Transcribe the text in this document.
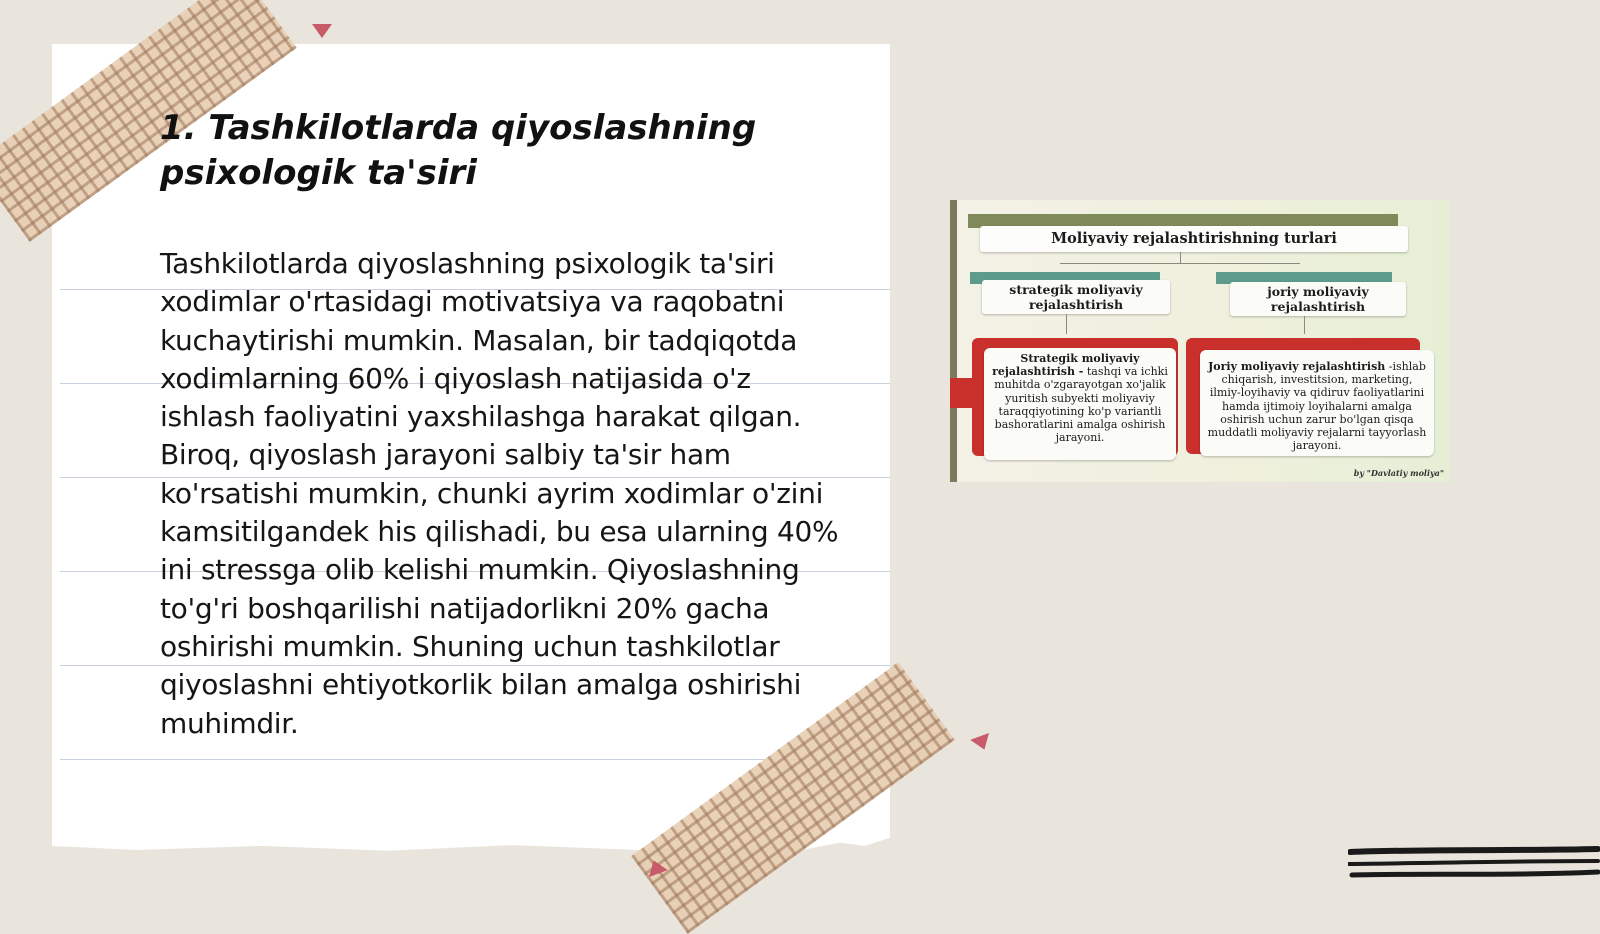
1. Tashkilotlarda qiyoslashning
psixologik ta'siri

Tashkilotlarda qiyoslashning psixologik ta'siri xodimlar o'rtasidagi motivatsiya va raqobatni kuchaytirishi mumkin. Masalan, bir tadqiqotda xodimlarning 60% i qiyoslash natijasida o'z ishlash faoliyatini yaxshilashga harakat qilgan. Biroq, qiyoslash jarayoni salbiy ta'sir ham ko'rsatishi mumkin, chunki ayrim xodimlar o'zini kamsitilgandek his qilishadi, bu esa ularning 40% ini stressga olib kelishi mumkin. Qiyoslashning to'g'ri boshqarilishi natijadorlikni 20% gacha oshirishi mumkin. Shuning uchun tashkilotlar qiyoslashni ehtiyotkorlik bilan amalga oshirishi muhimdir.

Moliyaviy rejalashtirishning turlari
strategik moliyaviy
rejalashtirish
joriy moliyaviy
rejalashtirish
Strategik moliyaviy rejalashtirish - tashqi va ichki muhitda o'zgarayotgan xo'jalik yuritish subyekti moliyaviy taraqqiyotining ko'p variantli bashoratlarini amalga oshirish jarayoni.
Joriy moliyaviy rejalashtirish -ishlab chiqarish, investitsion, marketing, ilmiy-loyihaviy va qidiruv faoliyatlarini hamda ijtimoiy loyihalarni amalga oshirish uchun zarur bo'lgan qisqa muddatli moliyaviy rejalarni tayyorlash jarayoni.
by "Davlatiy moliya"
